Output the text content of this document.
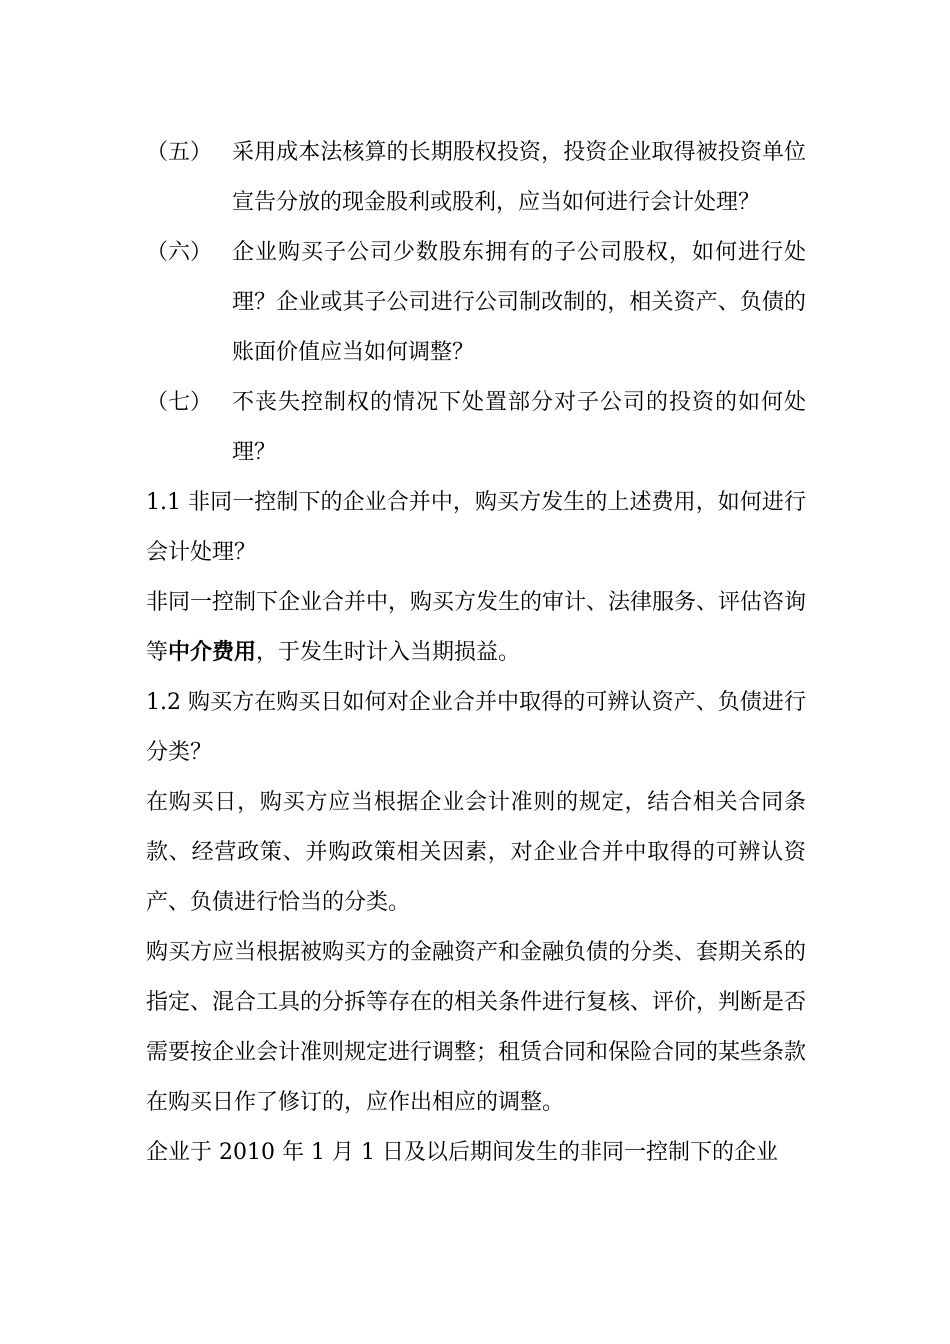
（五） 采用成本法核算的长期股权投资，投资企业取得被投资单位宣告分放的现金股利或股利，应当如何进行会计处理？
（六） 企业购买子公司少数股东拥有的子公司股权，如何进行处理？企业或其子公司进行公司制改制的，相关资产、负债的账面价值应当如何调整？
（七） 不丧失控制权的情况下处置部分对子公司的投资的如何处理？
1.1 非同一控制下的企业合并中，购买方发生的上述费用，如何进行会计处理？
非同一控制下企业合并中，购买方发生的审计、法律服务、评估咨询等中介费用，于发生时计入当期损益。
1.2 购买方在购买日如何对企业合并中取得的可辨认资产、负债进行分类？
在购买日，购买方应当根据企业会计准则的规定，结合相关合同条款、经营政策、并购政策相关因素，对企业合并中取得的可辨认资产、负债进行恰当的分类。
购买方应当根据被购买方的金融资产和金融负债的分类、套期关系的指定、混合工具的分拆等存在的相关条件进行复核、评价，判断是否需要按企业会计准则规定进行调整；租赁合同和保险合同的某些条款在购买日作了修订的，应作出相应的调整。
企业于 2010 年 1 月 1 日及以后期间发生的非同一控制下的企业
